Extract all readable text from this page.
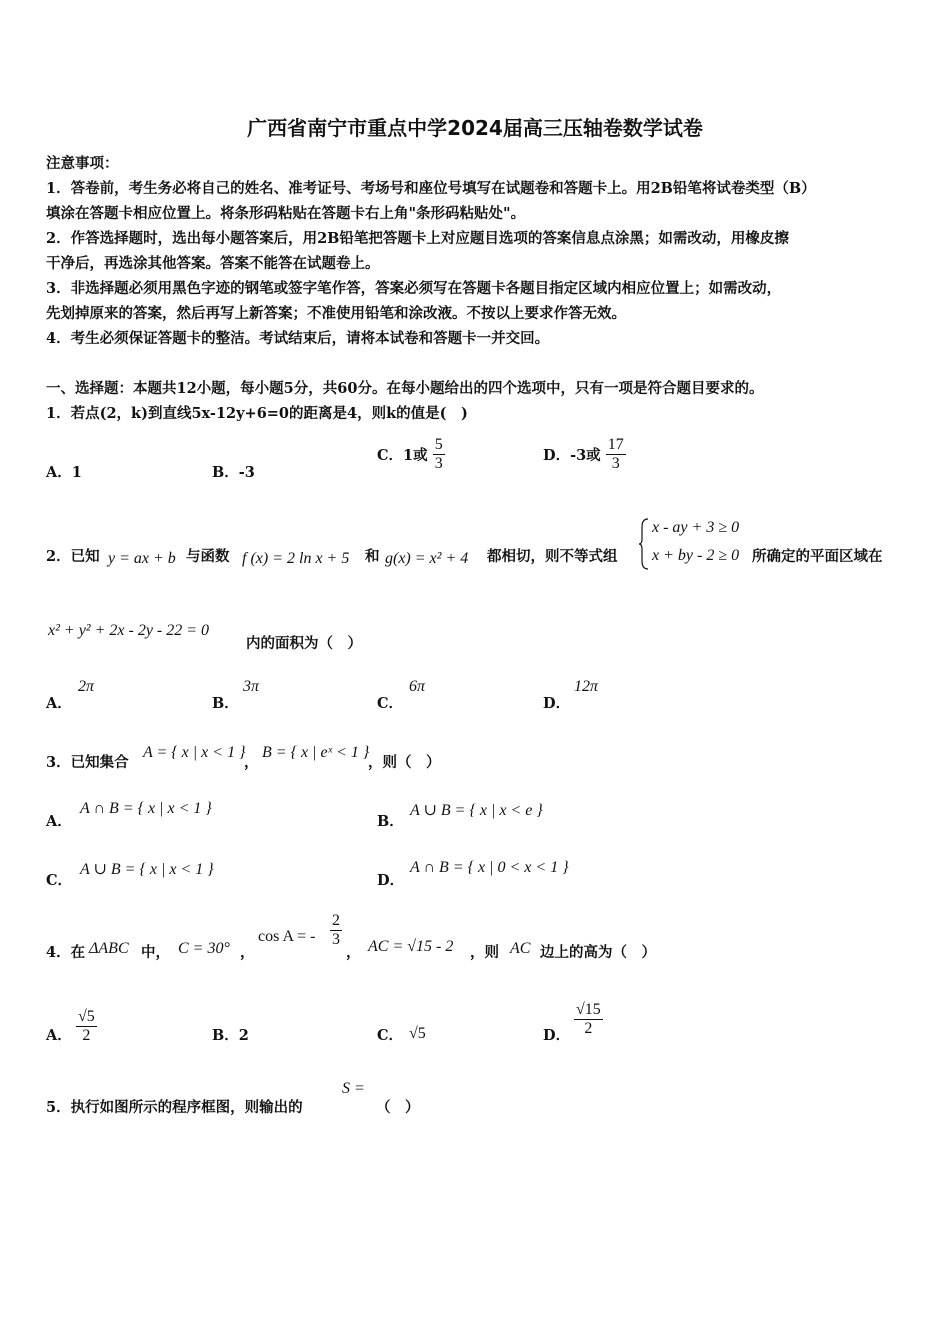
广西省南宁市重点中学2024届高三压轴卷数学试卷
注意事项：
1．答卷前，考生务必将自己的姓名、准考证号、考场号和座位号填写在试题卷和答题卡上。用2B铅笔将试卷类型（B）
填涂在答题卡相应位置上。将条形码粘贴在答题卡右上角"条形码粘贴处"。
2．作答选择题时，选出每小题答案后，用2B铅笔把答题卡上对应题目选项的答案信息点涂黑；如需改动，用橡皮擦
干净后，再选涂其他答案。答案不能答在试题卷上。
3．非选择题必须用黑色字迹的钢笔或签字笔作答，答案必须写在答题卡各题目指定区域内相应位置上；如需改动，
先划掉原来的答案，然后再写上新答案；不准使用铅笔和涂改液。不按以上要求作答无效。
4．考生必须保证答题卡的整洁。考试结束后，请将本试卷和答题卡一并交回。
一、选择题：本题共12小题，每小题5分，共60分。在每小题给出的四个选项中，只有一项是符合题目要求的。
1．若点(2，k)到直线5x-12y+6=0的距离是4，则k的值是(　)
A．1	B．-3
C．1或 $\frac{5}{3}$	D．-3或 $\frac{17}{3}$
2．已知 y = ax + b 与函数 f (x) = 2 ln x + 5 和 g(x) = x² + 4 都相切，则不等式组
x - ay + 3 ≥ 0
x + by - 2 ≥ 0 所确定的平面区域在
x² + y² + 2x - 2y - 22 = 0
内的面积为（　）
A．
2π
B．
3π
C．
6π
D．
12π
3．已知集合
A = { x | x < 1 }
，
B = { x | eˣ < 1 }
，则（　）
A．
A ∩ B = { x | x < 1 }
B．
A ∪ B = { x | x < e }
C．
A ∪ B = { x | x < 1 }
D．
A ∩ B = { x | 0 < x < 1 }
4．在 ΔABC 中， C = 30° ，
cos A = - $\frac{2}{3}$
， AC = √15 - 2 ，则 AC 边上的高为（　）
A． $\frac{√5}{2}$	B．2	C． √5	D． $\frac{√15}{2}$
5．执行如图所示的程序框图，则输出的
S =
（　）
